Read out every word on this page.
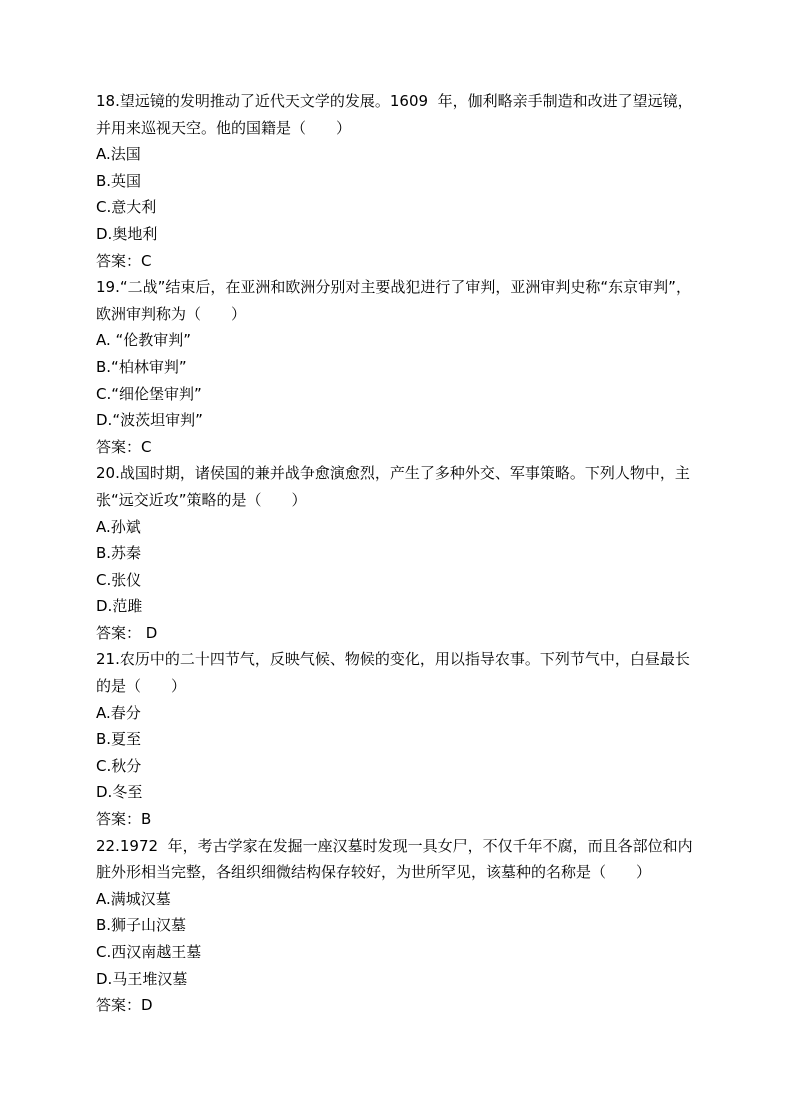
18.望远镜的发明推动了近代天文学的发展。1609  年，伽利略亲手制造和改进了望远镜，并用来巡视天空。他的国籍是（　　）

A.法国

B.英国

C.意大利

D.奥地利

答案：C

19.“二战”结束后，在亚洲和欧洲分别对主要战犯进行了审判，亚洲审判史称“东京审判”，  欧洲审判称为（　　）

A. “伦教审判”

B.“柏林审判”

C.“细伦堡审判”

D.“波茨坦审判”

答案：C

20.战国时期，诸侯国的兼并战争愈演愈烈，产生了多种外交、军事策略。下列人物中，主张“远交近攻”策略的是（　　）

A.孙斌

B.苏秦

C.张仪

D.范雎

答案： D

21.农历中的二十四节气，反映气候、物候的变化，用以指导农事。下列节气中，白昼最长的是（　　）

A.春分

B.夏至

C.秋分

D.冬至

答案：B

22.1972  年，考古学家在发掘一座汉墓时发现一具女尸，不仅千年不腐，而且各部位和内脏外形相当完整，各组织细微结构保存较好，为世所罕见，该墓种的名称是（　　）

A.满城汉墓

B.狮子山汉墓

C.西汉南越王墓

D.马王堆汉墓

答案：D
